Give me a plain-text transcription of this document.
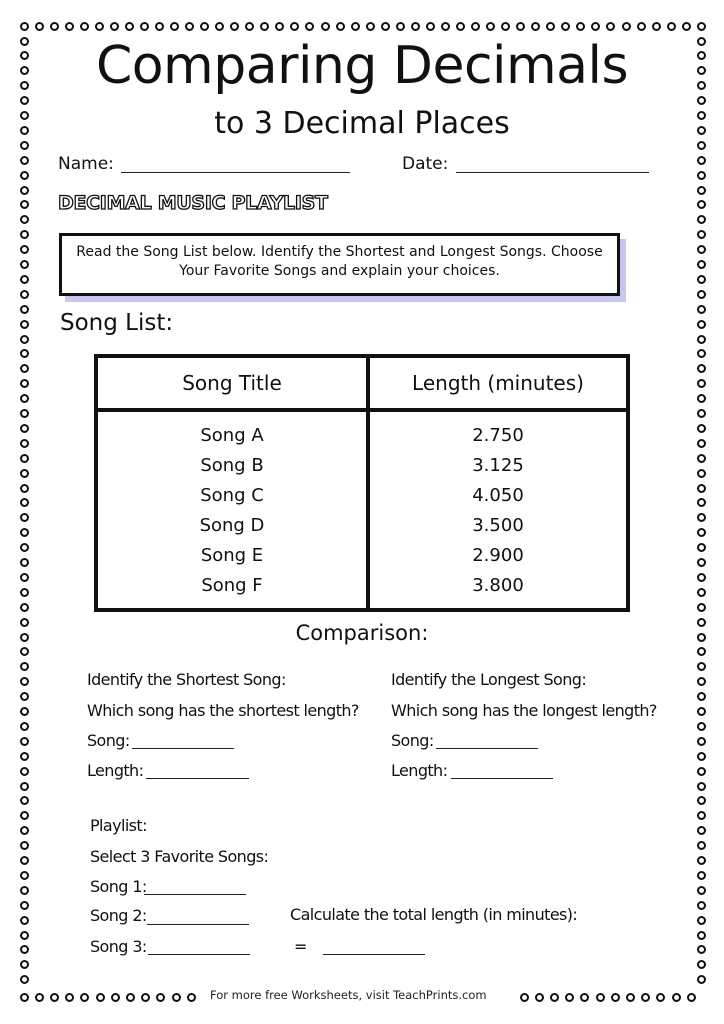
Comparing Decimals
to 3 Decimal Places
Name:	Date:
DECIMAL MUSIC PLAYLIST
Read the Song List below. Identify the Shortest and Longest Songs. Choose Your Favorite Songs and explain your choices.
Song List:
Song Title	Length (minutes)
Song A	2.750
Song B	3.125
Song C	4.050
Song D	3.500
Song E	2.900
Song F	3.800
Comparison:
Identify the Shortest Song:
Which song has the shortest length?
Song:
Length:
Identify the Longest Song:
Which song has the longest length?
Song:
Length:
Playlist:
Select 3 Favorite Songs:
Song 1:
Song 2:
Song 3:
Calculate the total length (in minutes):
=
For more free Worksheets, visit TeachPrints.com
